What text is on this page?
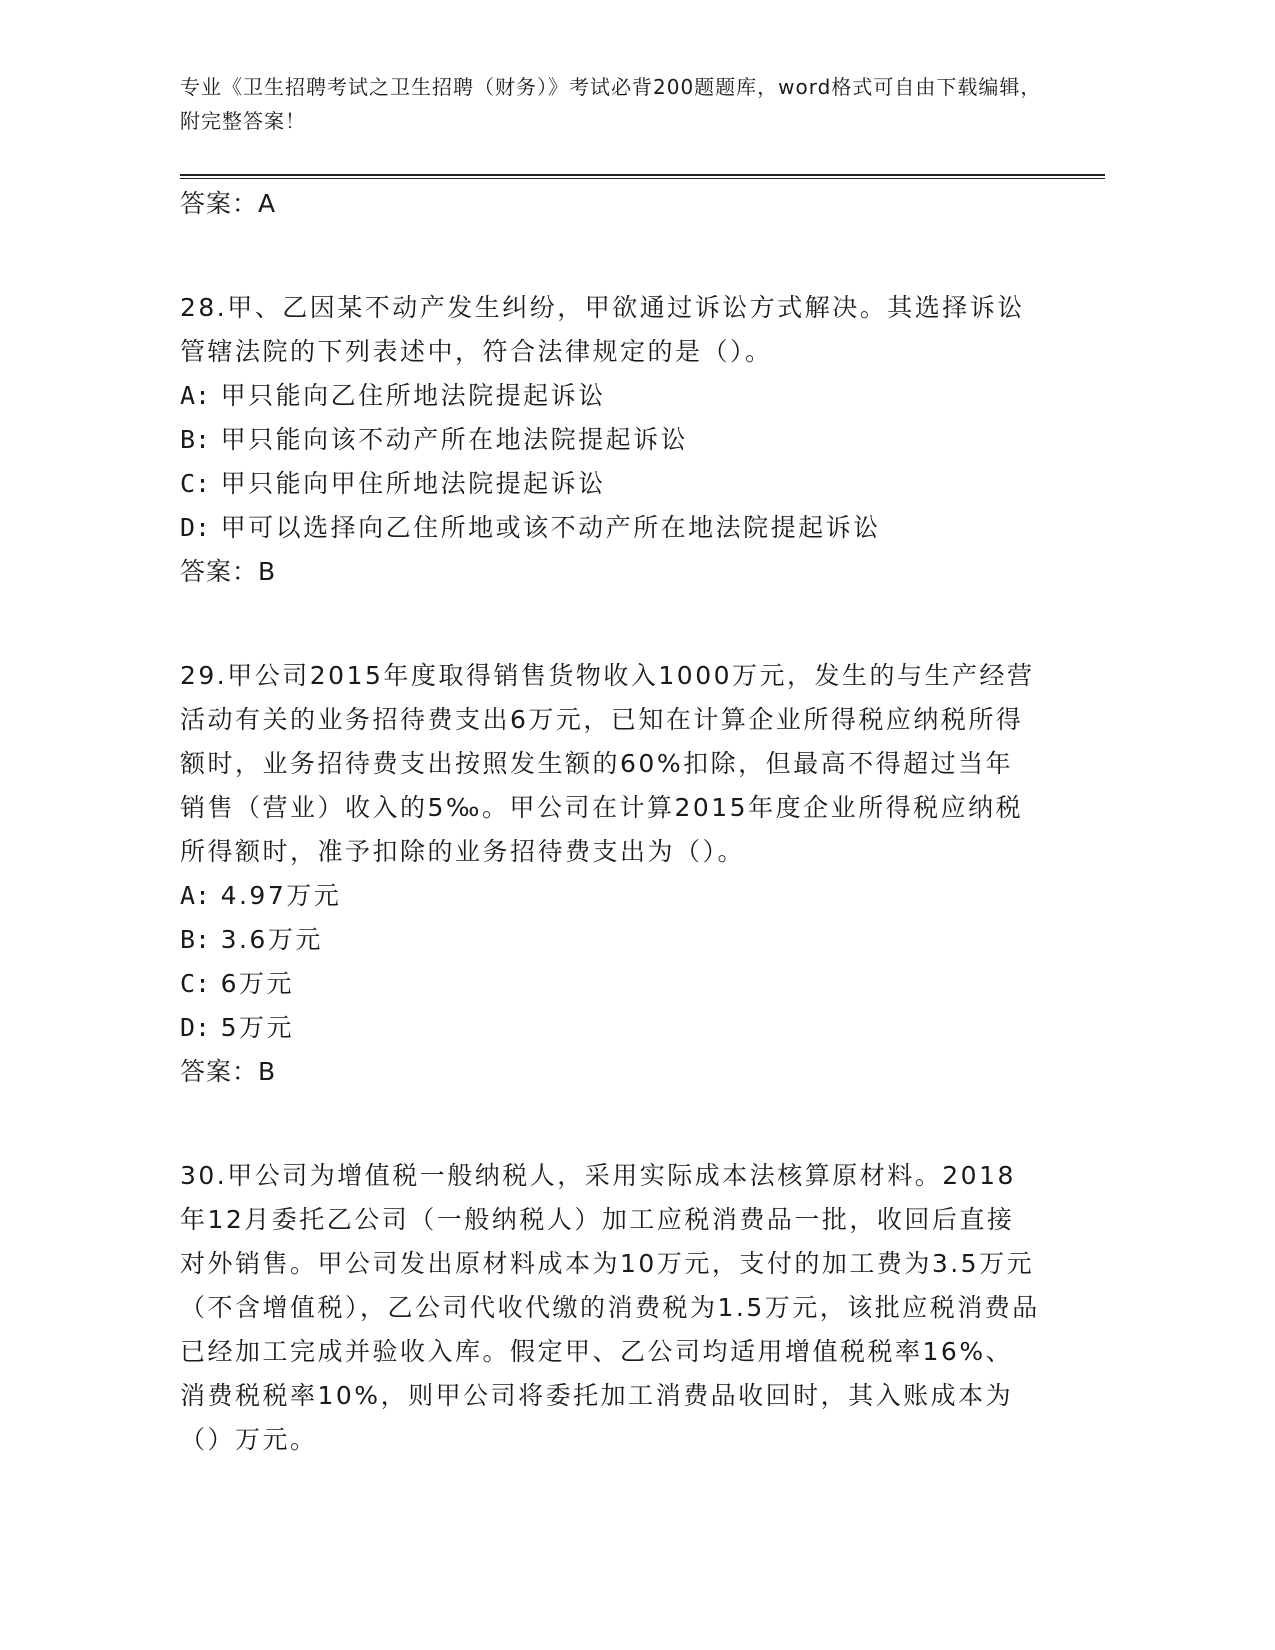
专业《卫生招聘考试之卫生招聘（财务）》考试必背200题题库，word格式可自由下载编辑，附完整答案！
答案：A

28.甲、乙因某不动产发生纠纷，甲欲通过诉讼方式解决。其选择诉讼管辖法院的下列表述中，符合法律规定的是（）。

A: 甲只能向乙住所地法院提起诉讼
B: 甲只能向该不动产所在地法院提起诉讼
C: 甲只能向甲住所地法院提起诉讼
D: 甲可以选择向乙住所地或该不动产所在地法院提起诉讼
答案：B

29.甲公司2015年度取得销售货物收入1000万元，发生的与生产经营活动有关的业务招待费支出6万元，已知在计算企业所得税应纳税所得额时，业务招待费支出按照发生额的60%扣除，但最高不得超过当年销售（营业）收入的5‰。甲公司在计算2015年度企业所得税应纳税所得额时，准予扣除的业务招待费支出为（）。

A: 4.97万元
B: 3.6万元
C: 6万元
D: 5万元
答案：B

30.甲公司为增值税一般纳税人，采用实际成本法核算原材料。2018年12月委托乙公司（一般纳税人）加工应税消费品一批，收回后直接对外销售。甲公司发出原材料成本为10万元，支付的加工费为3.5万元（不含增值税），乙公司代收代缴的消费税为1.5万元，该批应税消费品已经加工完成并验收入库。假定甲、乙公司均适用增值税税率16%、消费税税率10%，则甲公司将委托加工消费品收回时，其入账成本为（）万元。
